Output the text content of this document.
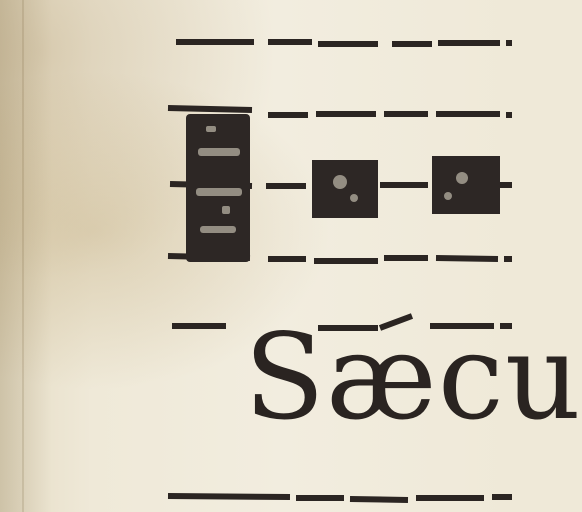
Sæcu
